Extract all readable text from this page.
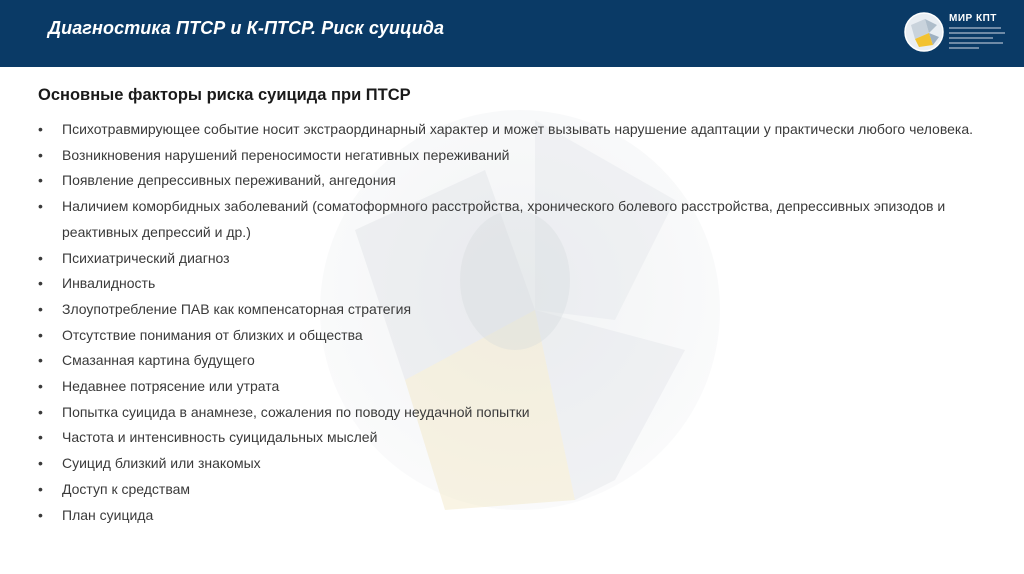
Диагностика ПТСР и К-ПТСР. Риск суицида	МИР КПТ
Основные факторы риска суицида при ПТСР
• Психотравмирующее событие носит экстраординарный характер и может вызывать нарушение адаптации у практически любого человека.
• Возникновения нарушений переносимости негативных переживаний
• Появление депрессивных переживаний, ангедония
• Наличием коморбидных заболеваний (соматоформного расстройства, хронического болевого расстройства, депрессивных эпизодов и реактивных депрессий и др.)
• Психиатрический диагноз
• Инвалидность
• Злоупотребление ПАВ как компенсаторная стратегия
• Отсутствие понимания от близких и общества
• Смазанная картина будущего
• Недавнее потрясение или утрата
• Попытка суицида в анамнезе, сожаления по поводу неудачной попытки
• Частота и интенсивность суицидальных мыслей
• Суицид близкий или знакомых
• Доступ к средствам
• План суицида
